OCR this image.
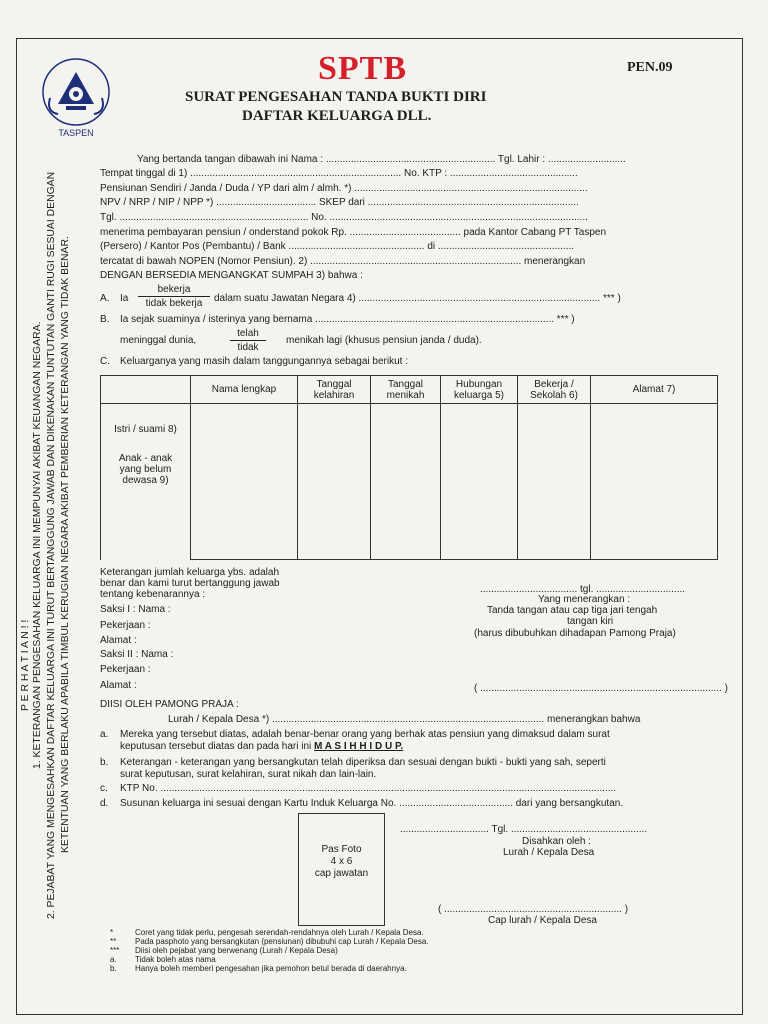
TASPEN
SPTB	PEN.09
SURAT PENGESAHAN TANDA BUKTI DIRI
DAFTAR KELUARGA DLL.
P E R H A T I A N ! ! 1. KETERANGAN PENGESAHAN KELUARGA INI MEMPUNYAI AKIBAT KEUANGAN NEGARA. 2. PEJABAT YANG MENGESAHKAN DAFTAR KELUARGA INI TURUT BERTANGGUNG JAWAB DAN DIKENAKAN TUNTUTAN GANTI RUGI SESUAI DENGAN KETENTUAN YANG BERLAKU APABILA TIMBUL KERUGIAN NEGARA AKIBAT PEMBERIAN KETERANGAN YANG TIDAK BENAR.
Yang bertanda tangan dibawah ini Nama : ............................................................. Tgl. Lahir : ............................
Tempat tinggal di 1) ............................................................................ No. KTP : ..............................................
Pensiunan Sendiri / Janda / Duda / YP dari alm / almh. *) ....................................................................................
NPV / NRP / NIP / NPP *) .................................... SKEP dari ............................................................................
Tgl. .................................................................... No. .............................................................................................
menerima pembayaran pensiun / onderstand pokok Rp. ........................................ pada Kantor Cabang PT Taspen
(Persero) / Kantor Pos (Pembantu) / Bank ................................................. di .................................................
tercatat di bawah NOPEN (Nomor Pensiun). 2) ............................................................................ menerangkan
DENGAN BERSEDIA MENGANGKAT SUMPAH 3) bahwa :
A. Ia
bekerja
tidak bekerja	dalam suatu Jawatan Negara 4) ....................................................................................... *** )
B. Ia sejak suaminya / isterinya yang bernama ...................................................................................... *** )
meninggal dunia,
telah
tidak
menikah lagi (khusus pensiun janda / duda).
C. Keluarganya yang masih dalam tanggungannya sebagai berikut :
	Nama lengkap	Tanggal kelahiran	Tanggal menikah	Hubungan keluarga 5)	Bekerja / Sekolah 6)	Alamat 7)

Istri / suami 8)
Anak - anak yang belum dewasa 9)						

Keterangan jumlah keluarga ybs. adalah
benar dan kami turut bertanggung jawab
tentang kebenarannya :
Saksi I : Nama :
Pekerjaan :
Alamat :
Saksi II : Nama :
Pekerjaan :
Alamat :
................................... tgl. ................................
Yang menerangkan :
Tanda tangan atau cap tiga jari tengah
tangan kiri
(harus dibubuhkan dihadapan Pamong Praja)
( ....................................................................................... )
DIISI OLEH PAMONG PRAJA :
Lurah / Kepala Desa *) .................................................................................................. menerangkan bahwa
a. Mereka yang tersebut diatas, adalah benar-benar orang yang berhak atas pensiun yang dimaksud dalam surat
keputusan tersebut diatas dan pada hari ini M A S I H H I D U P.
b. Keterangan - keterangan yang bersangkutan telah diperiksa dan sesuai dengan bukti - bukti yang sah, seperti
surat keputusan, surat kelahiran, surat nikah dan lain-lain.
c. KTP No. ....................................................................................................................................................................
d. Susunan keluarga ini sesuai dengan Kartu Induk Keluarga No. ......................................... dari yang bersangkutan.
Pas Foto
4 x 6
cap jawatan
................................ Tgl. .................................................
Disahkan oleh :
Lurah / Kepala Desa
( ................................................................ )
Cap lurah / Kepala Desa
*	Coret yang tidak perlu, pengesah serendah-rendahnya oleh Lurah / Kepala Desa.
** Pada pasphoto yang bersangkutan (pensiunan) dibubuhi cap Lurah / Kepala Desa.
*** Diisi oleh pejabat yang berwenang (Lurah / Kepala Desa)
a. Tidak boleh atas nama
b. Hanya boleh memberi pengesahan jika pemohon betul berada di daerahnya.
